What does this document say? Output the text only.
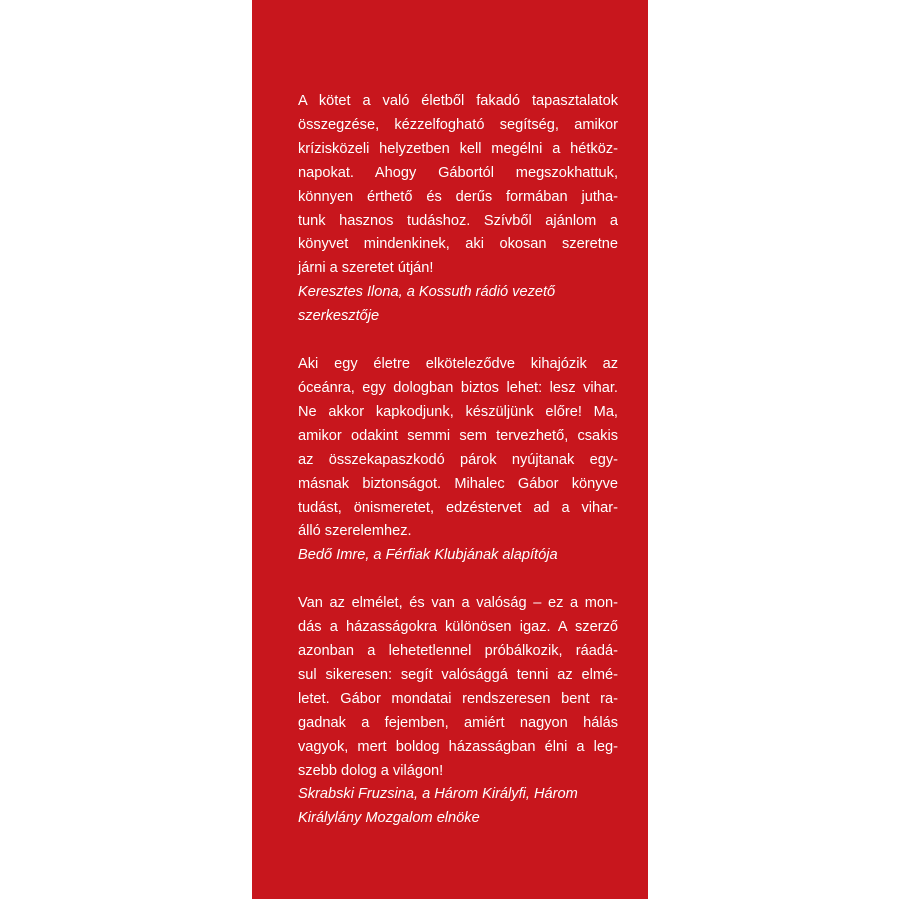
A kötet a való életből fakadó tapasztalatok
összegzése, kézzelfogható segítség, amikor
krízisközeli helyzetben kell megélni a hétköz-
napokat. Ahogy Gábortól megszokhattuk,
könnyen érthető és derűs formában jutha-
tunk hasznos tudáshoz. Szívből ajánlom a
könyvet mindenkinek, aki okosan szeretne
járni a szeretet útján!

Keresztes Ilona, a Kossuth rádió vezető
szerkesztője

Aki egy életre elköteleződve kihajózik az
óceánra, egy dologban biztos lehet: lesz vihar.
Ne akkor kapkodjunk, készüljünk előre! Ma,
amikor odakint semmi sem tervezhető, csakis
az összekapaszkodó párok nyújtanak egy-
másnak biztonságot. Mihalec Gábor könyve
tudást, önismeretet, edzéstervet ad a vihar-
álló szerelemhez.

Bedő Imre, a Férfiak Klubjának alapítója

Van az elmélet, és van a valóság – ez a mon-
dás a házasságokra különösen igaz. A szerző
azonban a lehetetlennel próbálkozik, ráadá-
sul sikeresen: segít valósággá tenni az elmé-
letet. Gábor mondatai rendszeresen bent ra-
gadnak a fejemben, amiért nagyon hálás
vagyok, mert boldog házasságban élni a leg-
szebb dolog a világon!

Skrabski Fruzsina, a Három Királyfi, Három
Királylány Mozgalom elnöke
